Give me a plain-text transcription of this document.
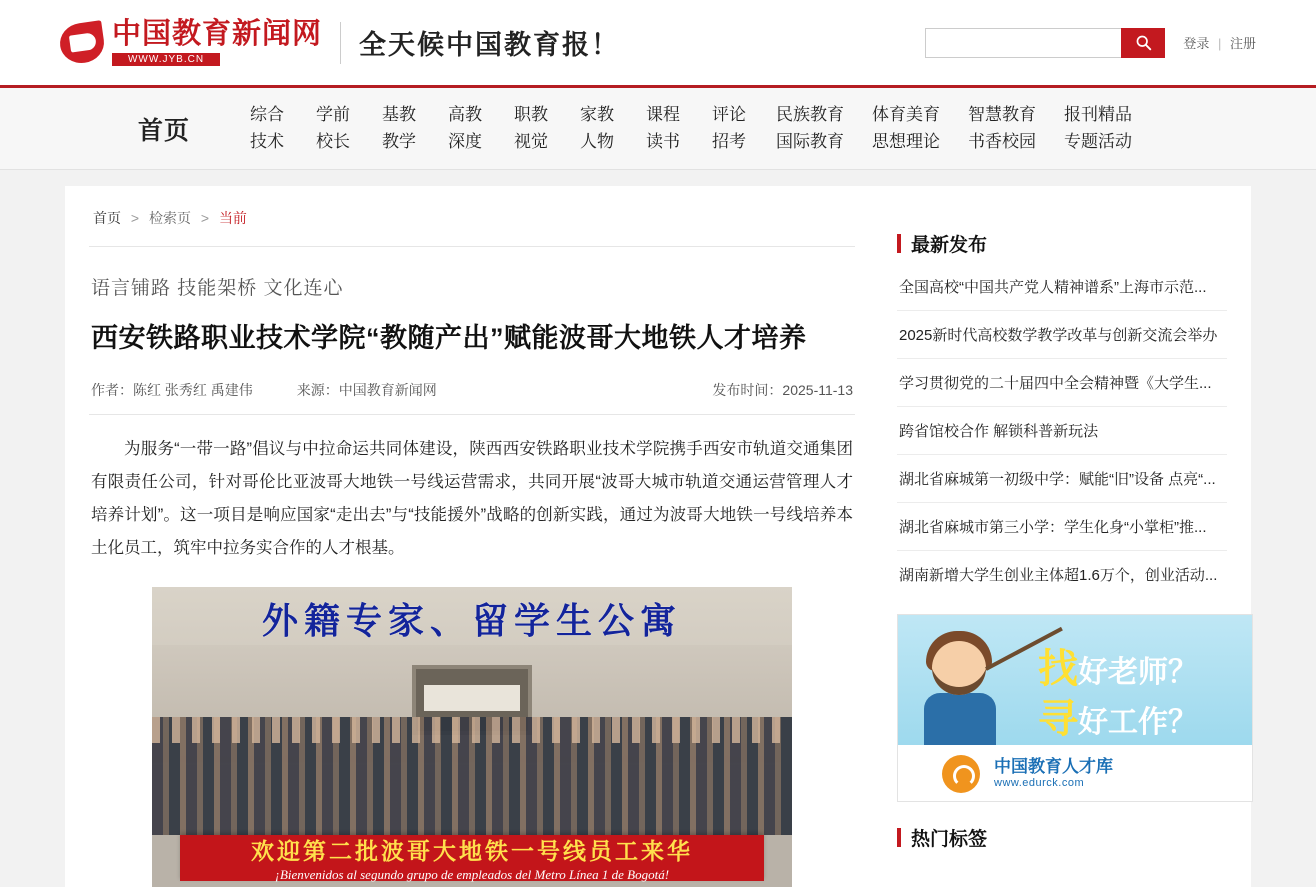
中国教育新闻网
WWW.JYB.CN	全天候中国教育报！	登录 | 注册
首页
综合
技术
学前
校长
基教
教学
高教
深度
职教
视觉
家教
人物
课程
读书
评论
招考
民族教育
国际教育
体育美育
思想理论
智慧教育
书香校园
报刊精品
专题活动
首页 > 检索页 > 当前
语言铺路 技能架桥 文化连心
西安铁路职业技术学院“教随产出”赋能波哥大地铁人才培养
作者：陈红 张秀红 禹建伟	来源：中国教育新闻网	发布时间：2025-11-13

为服务“一带一路”倡议与中拉命运共同体建设，陕西西安铁路职业技术学院携手西安市轨道交通集团有限责任公司，针对哥伦比亚波哥大地铁一号线运营需求，共同开展“波哥大城市轨道交通运营管理人才培养计划”。这一项目是响应国家“走出去”与“技能援外”战略的创新实践，通过为波哥大地铁一号线培养本土化员工，筑牢中拉务实合作的人才根基。

外籍专家、留学生公寓
欢迎第二批波哥大地铁一号线员工来华
¡Bienvenidos al segundo grupo de empleados del Metro Línea 1 de Bogotá!
最新发布
全国高校“中国共产党人精神谱系”上海市示范...
2025新时代高校数学教学改革与创新交流会举办
学习贯彻党的二十届四中全会精神暨《大学生...
跨省馆校合作 解锁科普新玩法
湖北省麻城第一初级中学：赋能“旧”设备 点亮“...
湖北省麻城市第三小学：学生化身“小掌柜”推...
湖南新增大学生创业主体超1.6万个，创业活动...
找好老师？
寻好工作？
中国教育人才库
www.edurck.com
热门标签
